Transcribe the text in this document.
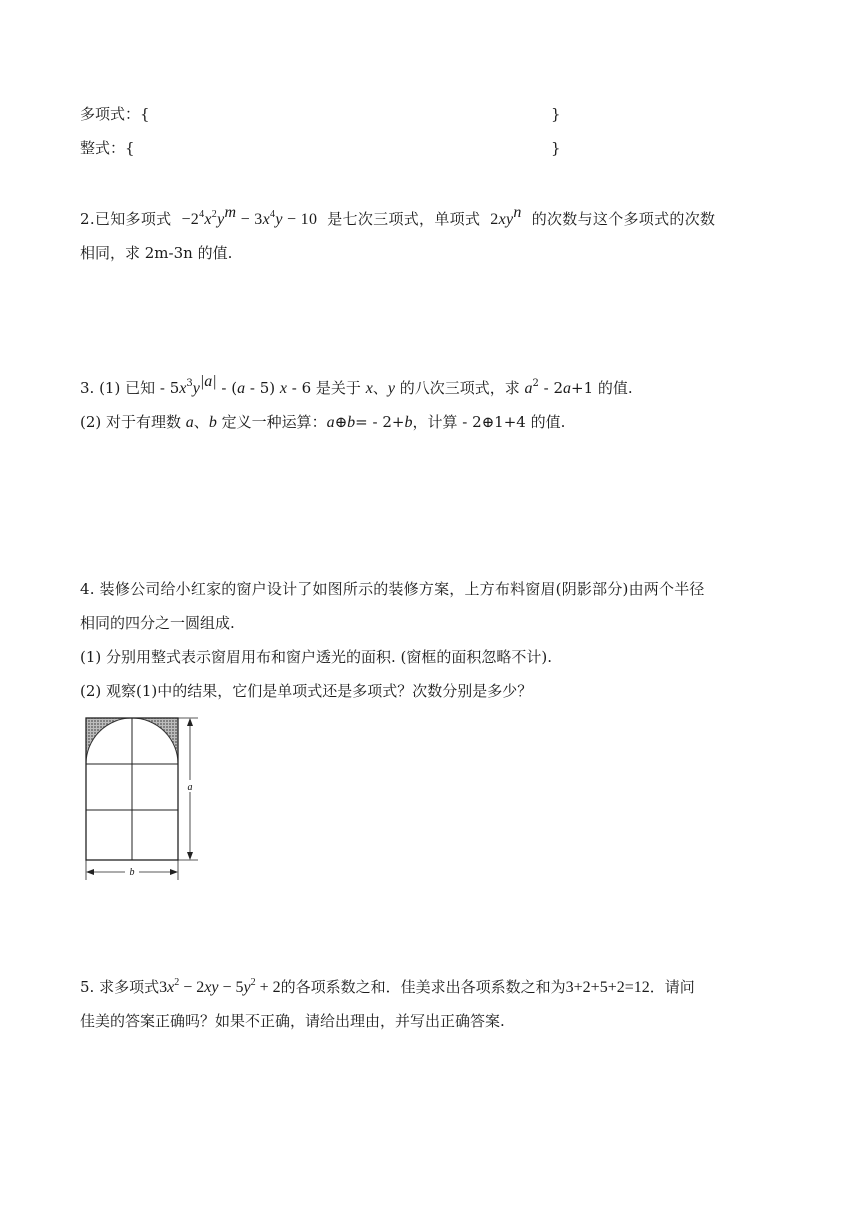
多项式：{	}
整式：{	}
2.已知多项式 $-2^4x^2y^m - 3x^4y - 10$ 是七次三项式，单项式 $2xy^n$ 的次数与这个多项式的次数
相同，求 2m-3n 的值.
3. (1) 已知 - $5x^3y^{|a|} - (a - 5)$ x - 6 是关于 x、y 的八次三项式，求 $a^2 - 2a+1$ 的值.
(2) 对于有理数 a、b 定义一种运算：a⊕b= - 2+b，计算 - 2⊕1+4 的值.
4. 装修公司给小红家的窗户设计了如图所示的装修方案，上方布料窗眉(阴影部分)由两个半径
相同的四分之一圆组成.
(1) 分别用整式表示窗眉用布和窗户透光的面积. (窗框的面积忽略不计).
(2) 观察(1)中的结果，它们是单项式还是多项式？次数分别是多少？
a
b
5. 求多项式$3x^2 - 2xy - 5y^2 + 2$的各项系数之和．佳美求出各项系数之和为3+2+5+2=12．请问
佳美的答案正确吗？如果不正确，请给出理由，并写出正确答案.
